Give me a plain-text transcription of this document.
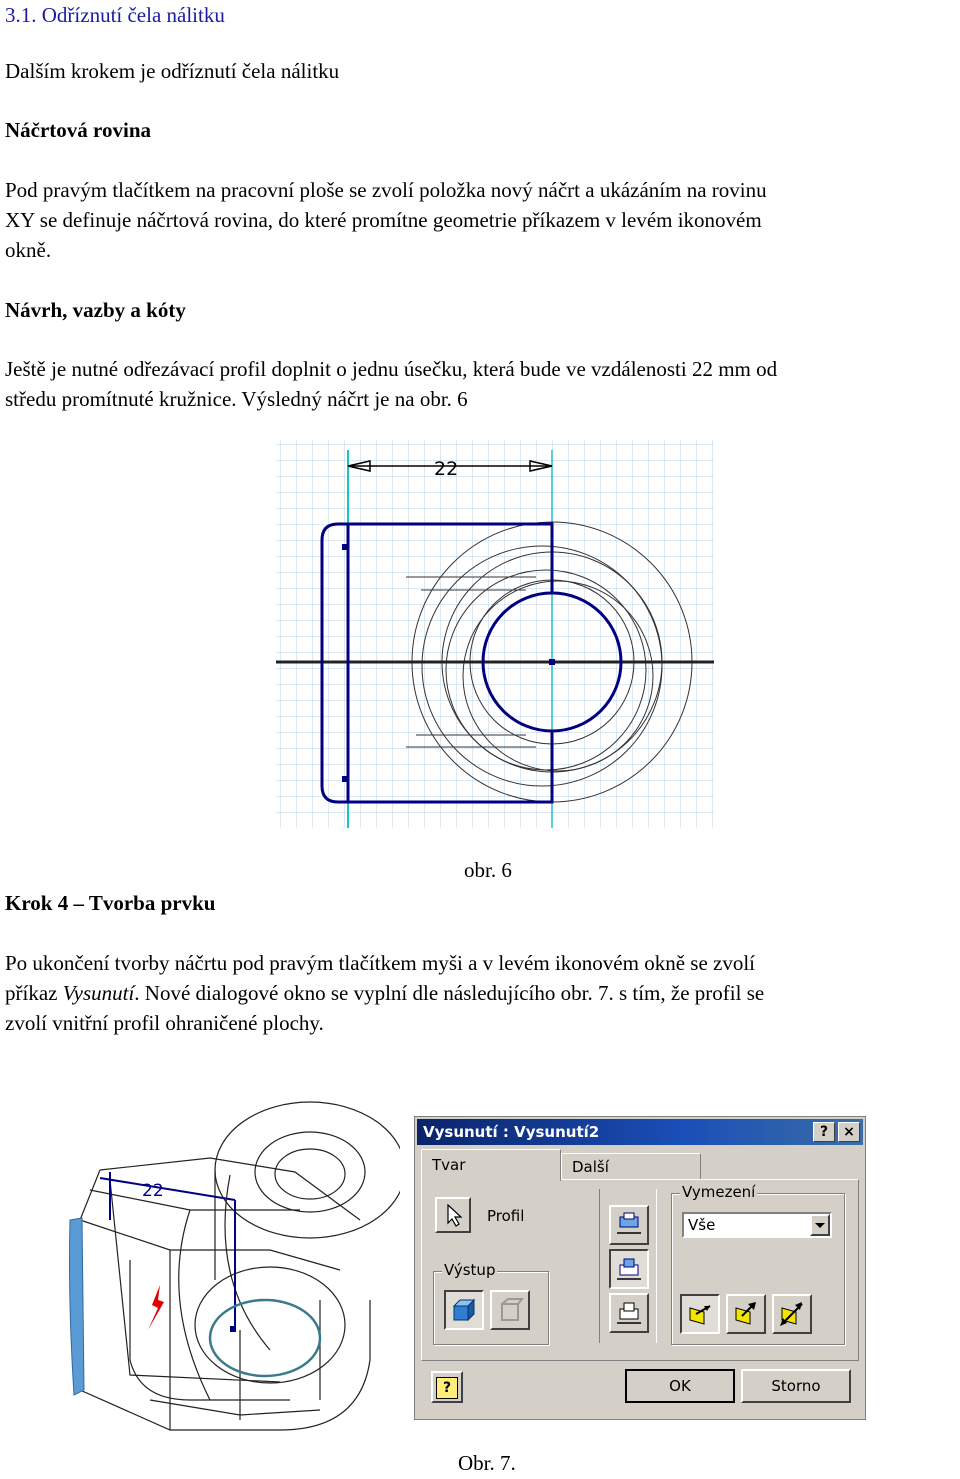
3.1. Odříznutí čela nálitku

Dalším krokem je odříznutí čela nálitku

Náčrtová rovina

Pod pravým tlačítkem na pracovní ploše se zvolí položka nový náčrt a ukázáním na rovinu

XY se definuje náčrtová rovina, do které promítne geometrie příkazem v levém ikonovém

okně.

Návrh, vazby a kóty

Ještě je nutné odřezávací profil doplnit o jednu úsečku, která bude ve vzdálenosti 22 mm od

středu promítnuté kružnice. Výsledný náčrt je na obr. 6

22

obr. 6

Krok 4 – Tvorba prvku

Po ukončení tvorby náčrtu pod pravým tlačítkem myši a v levém ikonovém okně se zvolí

příkaz Vysunutí. Nové dialogové okno se vyplní dle následujícího obr. 7. s tím, že profil se

zvolí vnitřní profil ohraničené plochy.

22
Vysunutí : Vysunutí2	?	×
Tvar	Další
Profil
Výstup
Vymezení
Vše
?	OK	Storno

Obr. 7.
